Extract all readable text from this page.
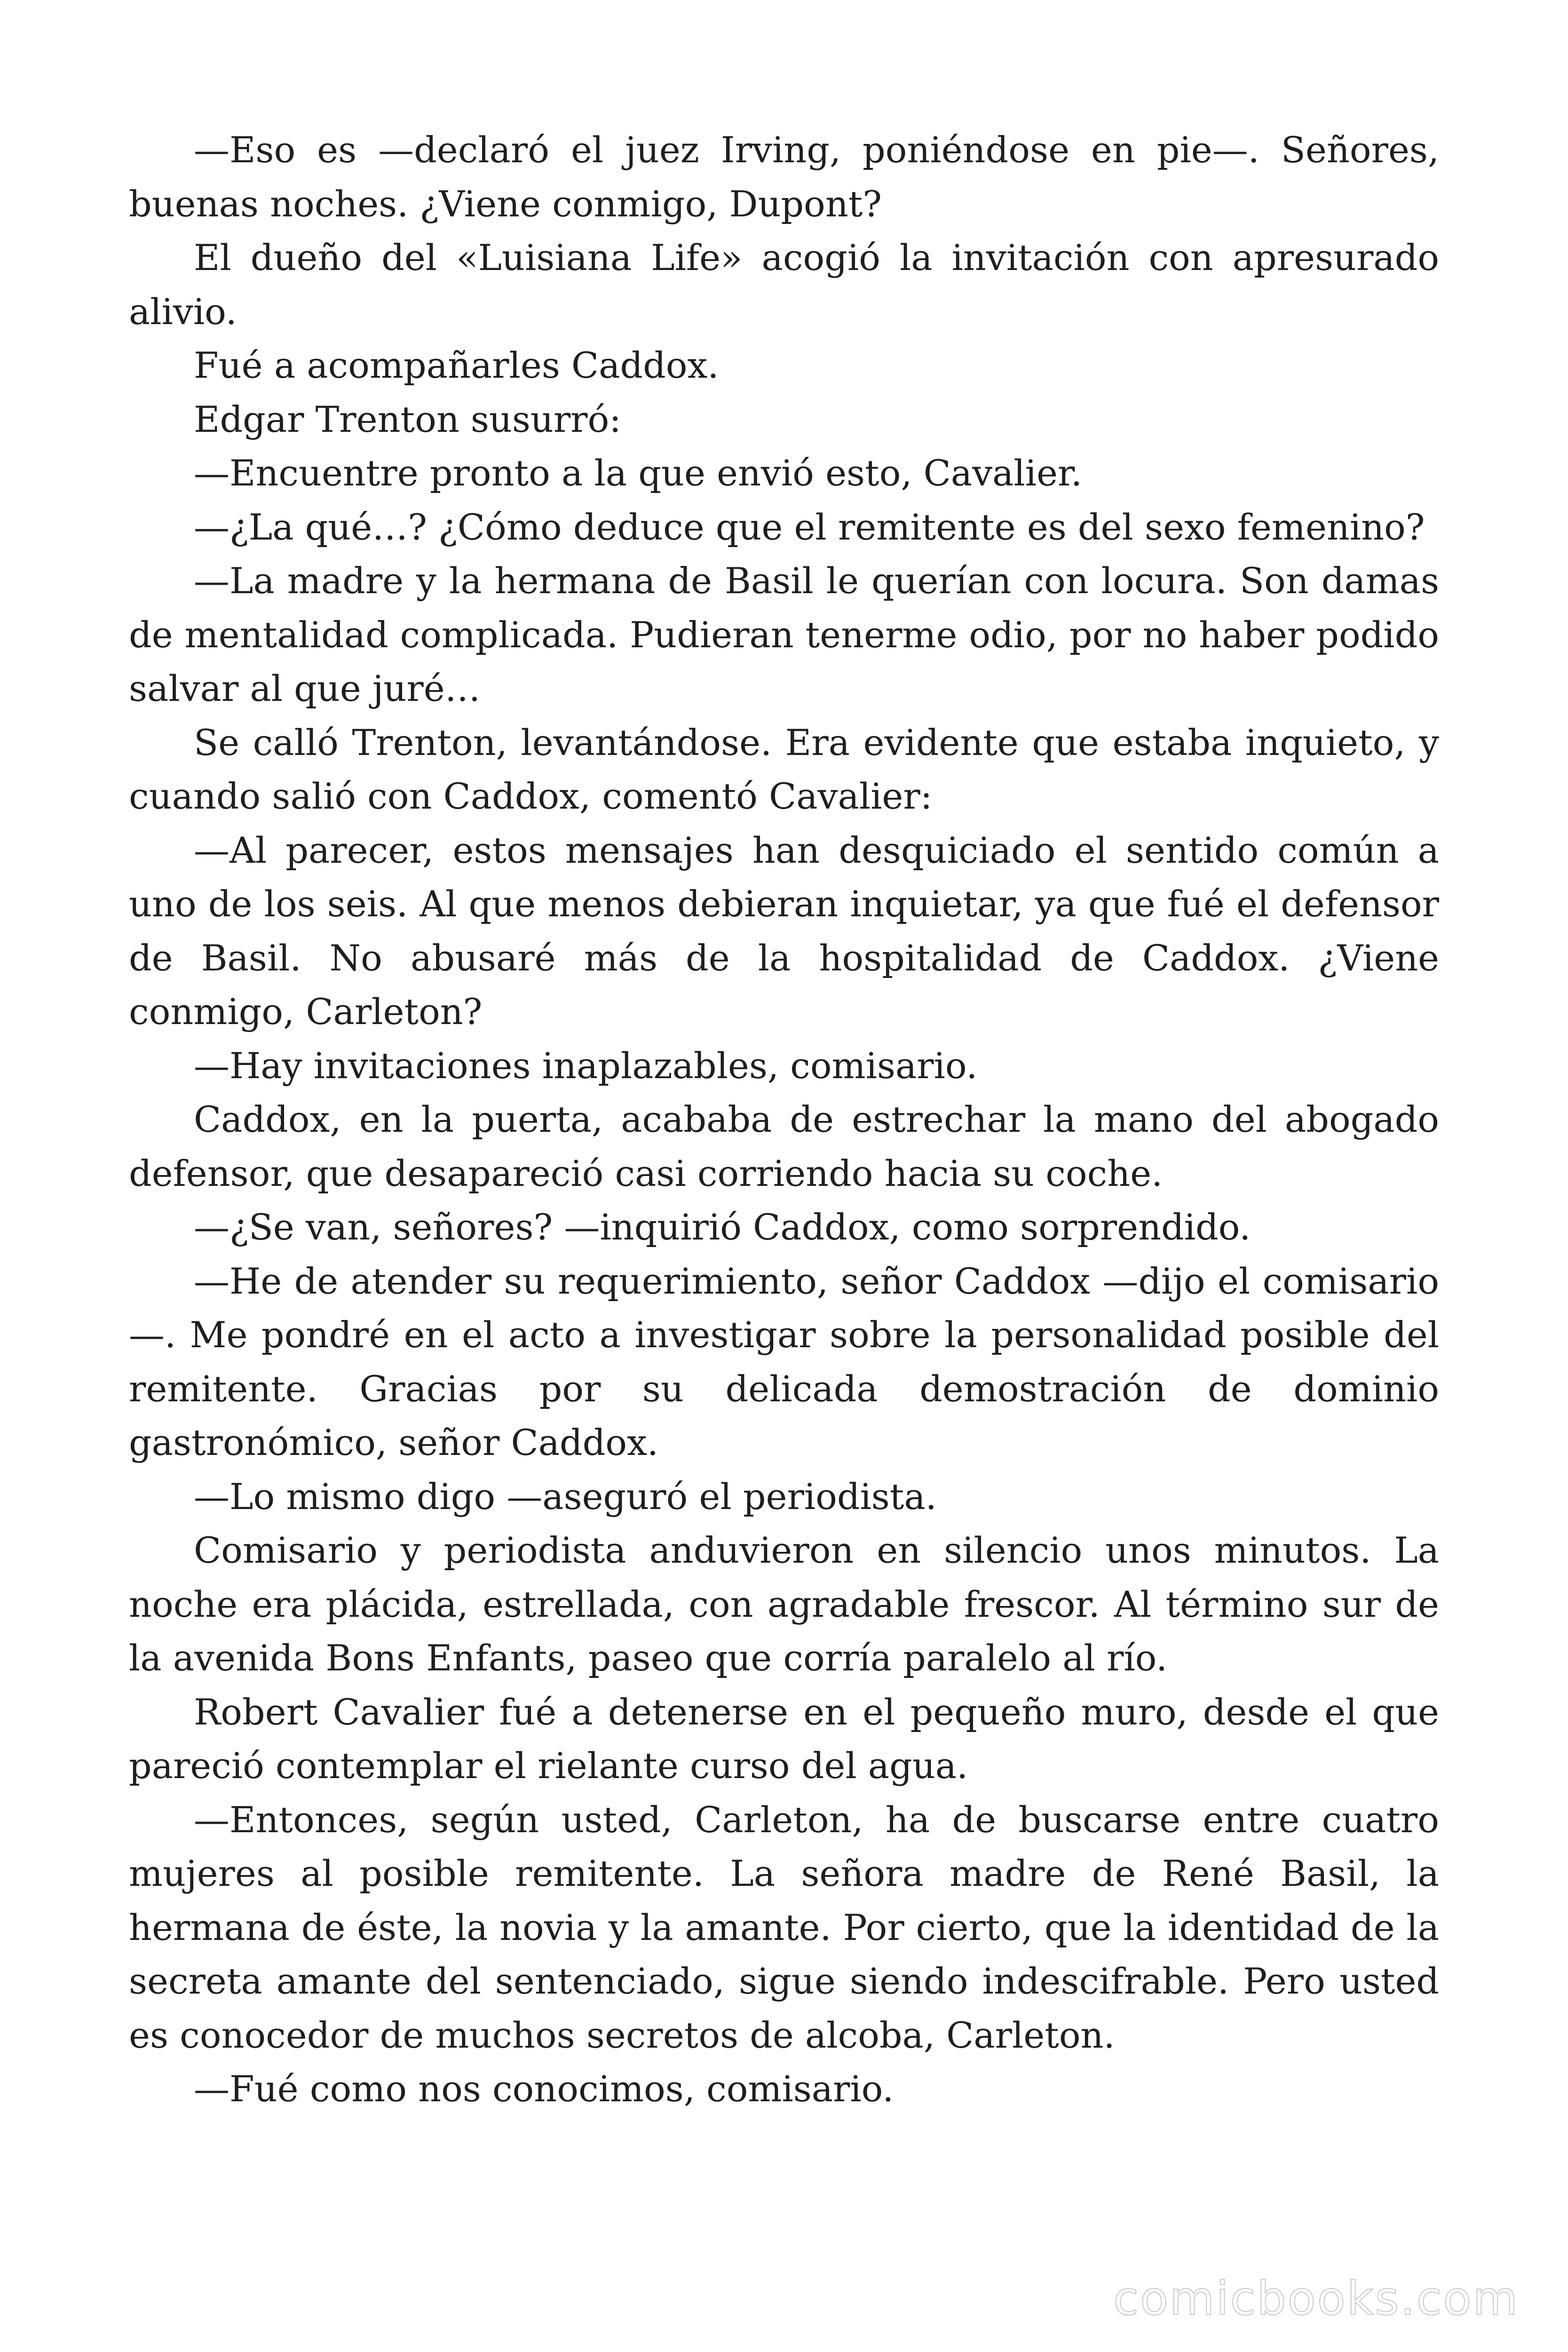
—Eso es —declaró el juez Irving, poniéndose en pie—. Señores, buenas noches. ¿Viene conmigo, Dupont?

El dueño del «Luisiana Life» acogió la invitación con apresurado alivio.

Fué a acompañarles Caddox.

Edgar Trenton susurró:

—Encuentre pronto a la que envió esto, Cavalier.

—¿La qué…? ¿Cómo deduce que el remitente es del sexo femenino?

—La madre y la hermana de Basil le querían con locura. Son damas de mentalidad complicada. Pudieran tenerme odio, por no haber podido salvar al que juré…

Se calló Trenton, levantándose. Era evidente que estaba inquieto, y cuando salió con Caddox, comentó Cavalier:

—Al parecer, estos mensajes han desquiciado el sentido común a uno de los seis. Al que menos debieran inquietar, ya que fué el defensor de Basil. No abusaré más de la hospitalidad de Caddox. ¿Viene conmigo, Carleton?

—Hay invitaciones inaplazables, comisario.

Caddox, en la puerta, acababa de estrechar la mano del abogado defensor, que desapareció casi corriendo hacia su coche.

—¿Se van, señores? —inquirió Caddox, como sorprendido.

—He de atender su requerimiento, señor Caddox —dijo el comisario—. Me pondré en el acto a investigar sobre la personalidad posible del remitente. Gracias por su delicada demostración de dominio gastronómico, señor Caddox.

—Lo mismo digo —aseguró el periodista.

Comisario y periodista anduvieron en silencio unos minutos. La noche era plácida, estrellada, con agradable frescor. Al término sur de la avenida Bons Enfants, paseo que corría paralelo al río.

Robert Cavalier fué a detenerse en el pequeño muro, desde el que pareció contemplar el rielante curso del agua.

—Entonces, según usted, Carleton, ha de buscarse entre cuatro mujeres al posible remitente. La señora madre de René Basil, la hermana de éste, la novia y la amante. Por cierto, que la identidad de la secreta amante del sentenciado, sigue siendo indescifrable. Pero usted es conocedor de muchos secretos de alcoba, Carleton.

—Fué como nos conocimos, comisario.

comicbooks.com
